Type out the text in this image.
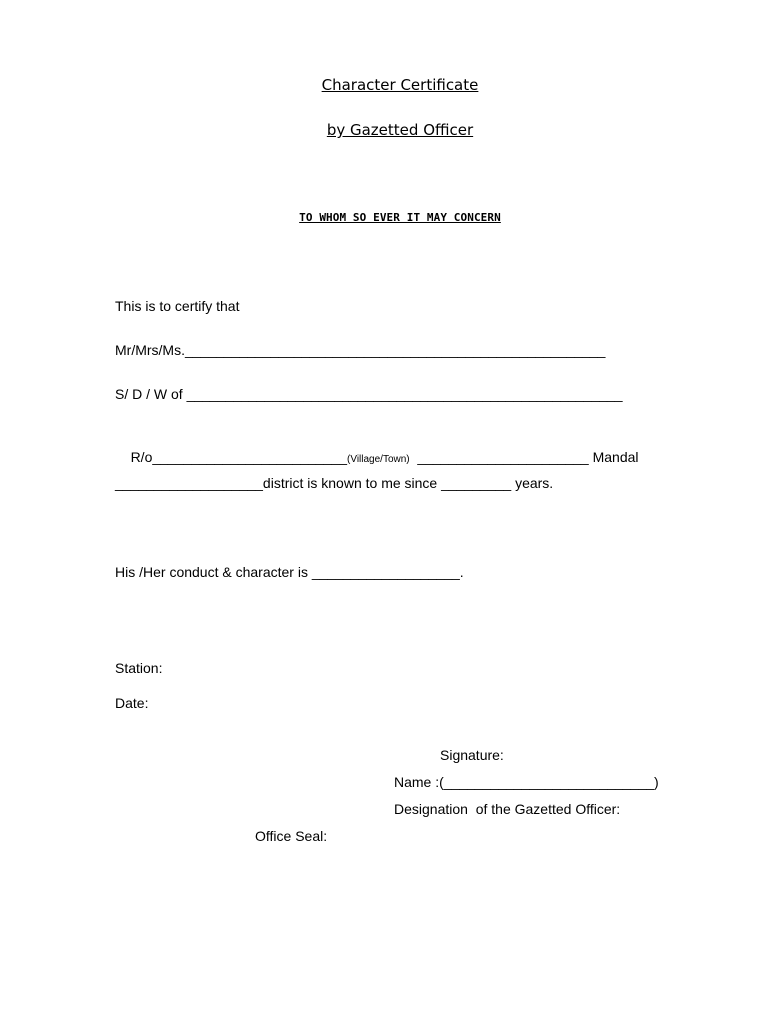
Character Certificate
by Gazetted Officer
TO WHOM SO EVER IT MAY CONCERN
This is to certify that
Mr/Mrs/Ms.______________________________________________________
S/ D / W of ________________________________________________________

R/o_________________________(Village/Town)  ______________________ Mandal

___________________district is known to me since _________ years.
His /Her conduct & character is ___________________.
Station:
Date:
Signature:
Name :(___________________________)
Designation  of the Gazetted Officer:
Office Seal:
